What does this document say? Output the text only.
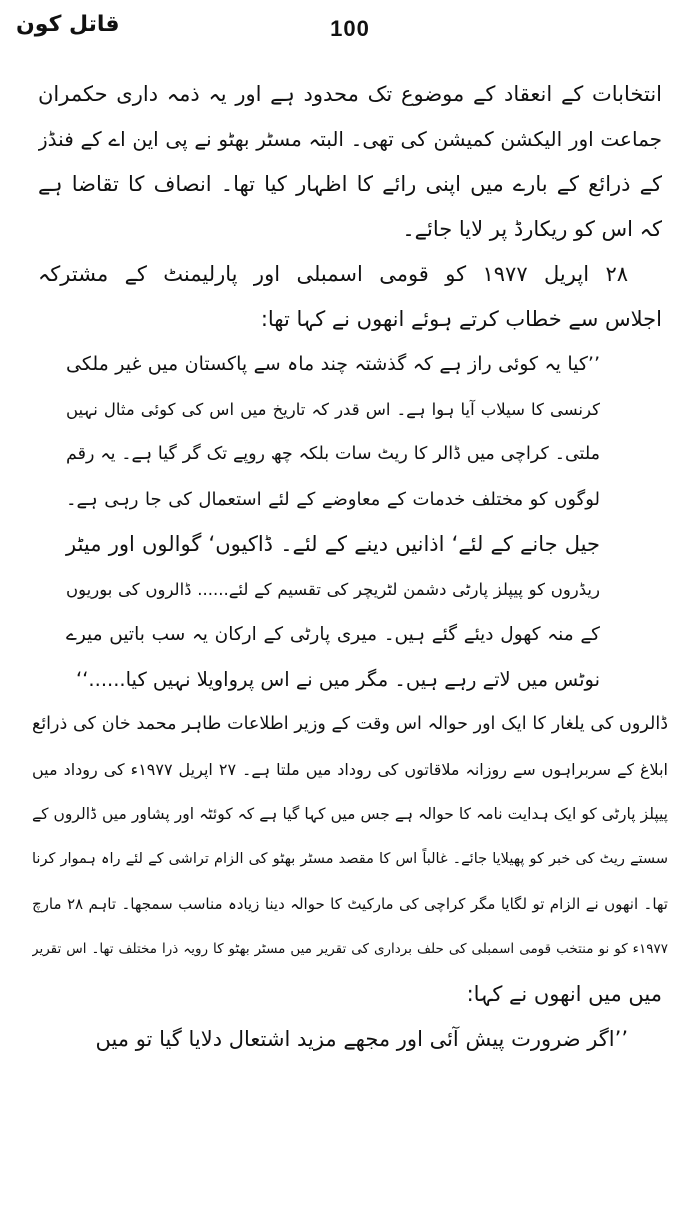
100
قاتل کون
انتخابات کے انعقاد کے موضوع تک محدود ہے اور یہ ذمہ داری حکمران
جماعت اور الیکشن کمیشن کی تھی۔ البتہ مسٹر بھٹو نے پی این اے کے فنڈز
کے ذرائع کے بارے میں اپنی رائے کا اظہار کیا تھا۔ انصاف کا تقاضا ہے
کہ اس کو ریکارڈ پر لایا جائے۔
۲۸ اپریل ۱۹۷۷ کو قومی اسمبلی اور پارلیمنٹ کے مشترکہ
اجلاس سے خطاب کرتے ہوئے انھوں نے کہا تھا:
’’کیا یہ کوئی راز ہے کہ گذشتہ چند ماہ سے پاکستان میں غیر ملکی
کرنسی کا سیلاب آیا ہوا ہے۔ اس قدر کہ تاریخ میں اس کی کوئی مثال نہیں
ملتی۔ کراچی میں ڈالر کا ریٹ سات بلکہ چھ روپے تک گر گیا ہے۔ یہ رقم
لوگوں کو مختلف خدمات کے معاوضے کے لئے استعمال کی جا رہی ہے۔
جیل جانے کے لئے‘ اذانیں دینے کے لئے۔ ڈاکیوں‘ گوالوں اور میٹر
ریڈروں کو پیپلز پارٹی دشمن لٹریچر کی تقسیم کے لئے...... ڈالروں کی بوریوں
کے منہ کھول دیئے گئے ہیں۔ میری پارٹی کے ارکان یہ سب باتیں میرے
نوٹس میں لاتے رہے ہیں۔ مگر میں نے اس پرواویلا نہیں کیا......‘‘
ڈالروں کی یلغار کا ایک اور حوالہ اس وقت کے وزیر اطلاعات طاہر محمد خان کی ذرائع
ابلاغ کے سربراہوں سے روزانہ ملاقاتوں کی روداد میں ملتا ہے۔ ۲۷ اپریل ۱۹۷۷ء کی روداد میں
پیپلز پارٹی کو ایک ہدایت نامہ کا حوالہ ہے جس میں کہا گیا ہے کہ کوئٹہ اور پشاور میں ڈالروں کے
سستے ریٹ کی خبر کو پھیلایا جائے۔ غالباً اس کا مقصد مسٹر بھٹو کی الزام تراشی کے لئے راہ ہموار کرنا
تھا۔ انھوں نے الزام تو لگایا مگر کراچی کی مارکیٹ کا حوالہ دینا زیادہ مناسب سمجھا۔ تاہم ۲۸ مارچ
۱۹۷۷ء کو نو منتخب قومی اسمبلی کی حلف برداری کی تقریر میں مسٹر بھٹو کا رویہ ذرا مختلف تھا۔ اس تقریر
میں میں انھوں نے کہا:
’’اگر ضرورت پیش آئی اور مجھے مزید اشتعال دلایا گیا تو میں
